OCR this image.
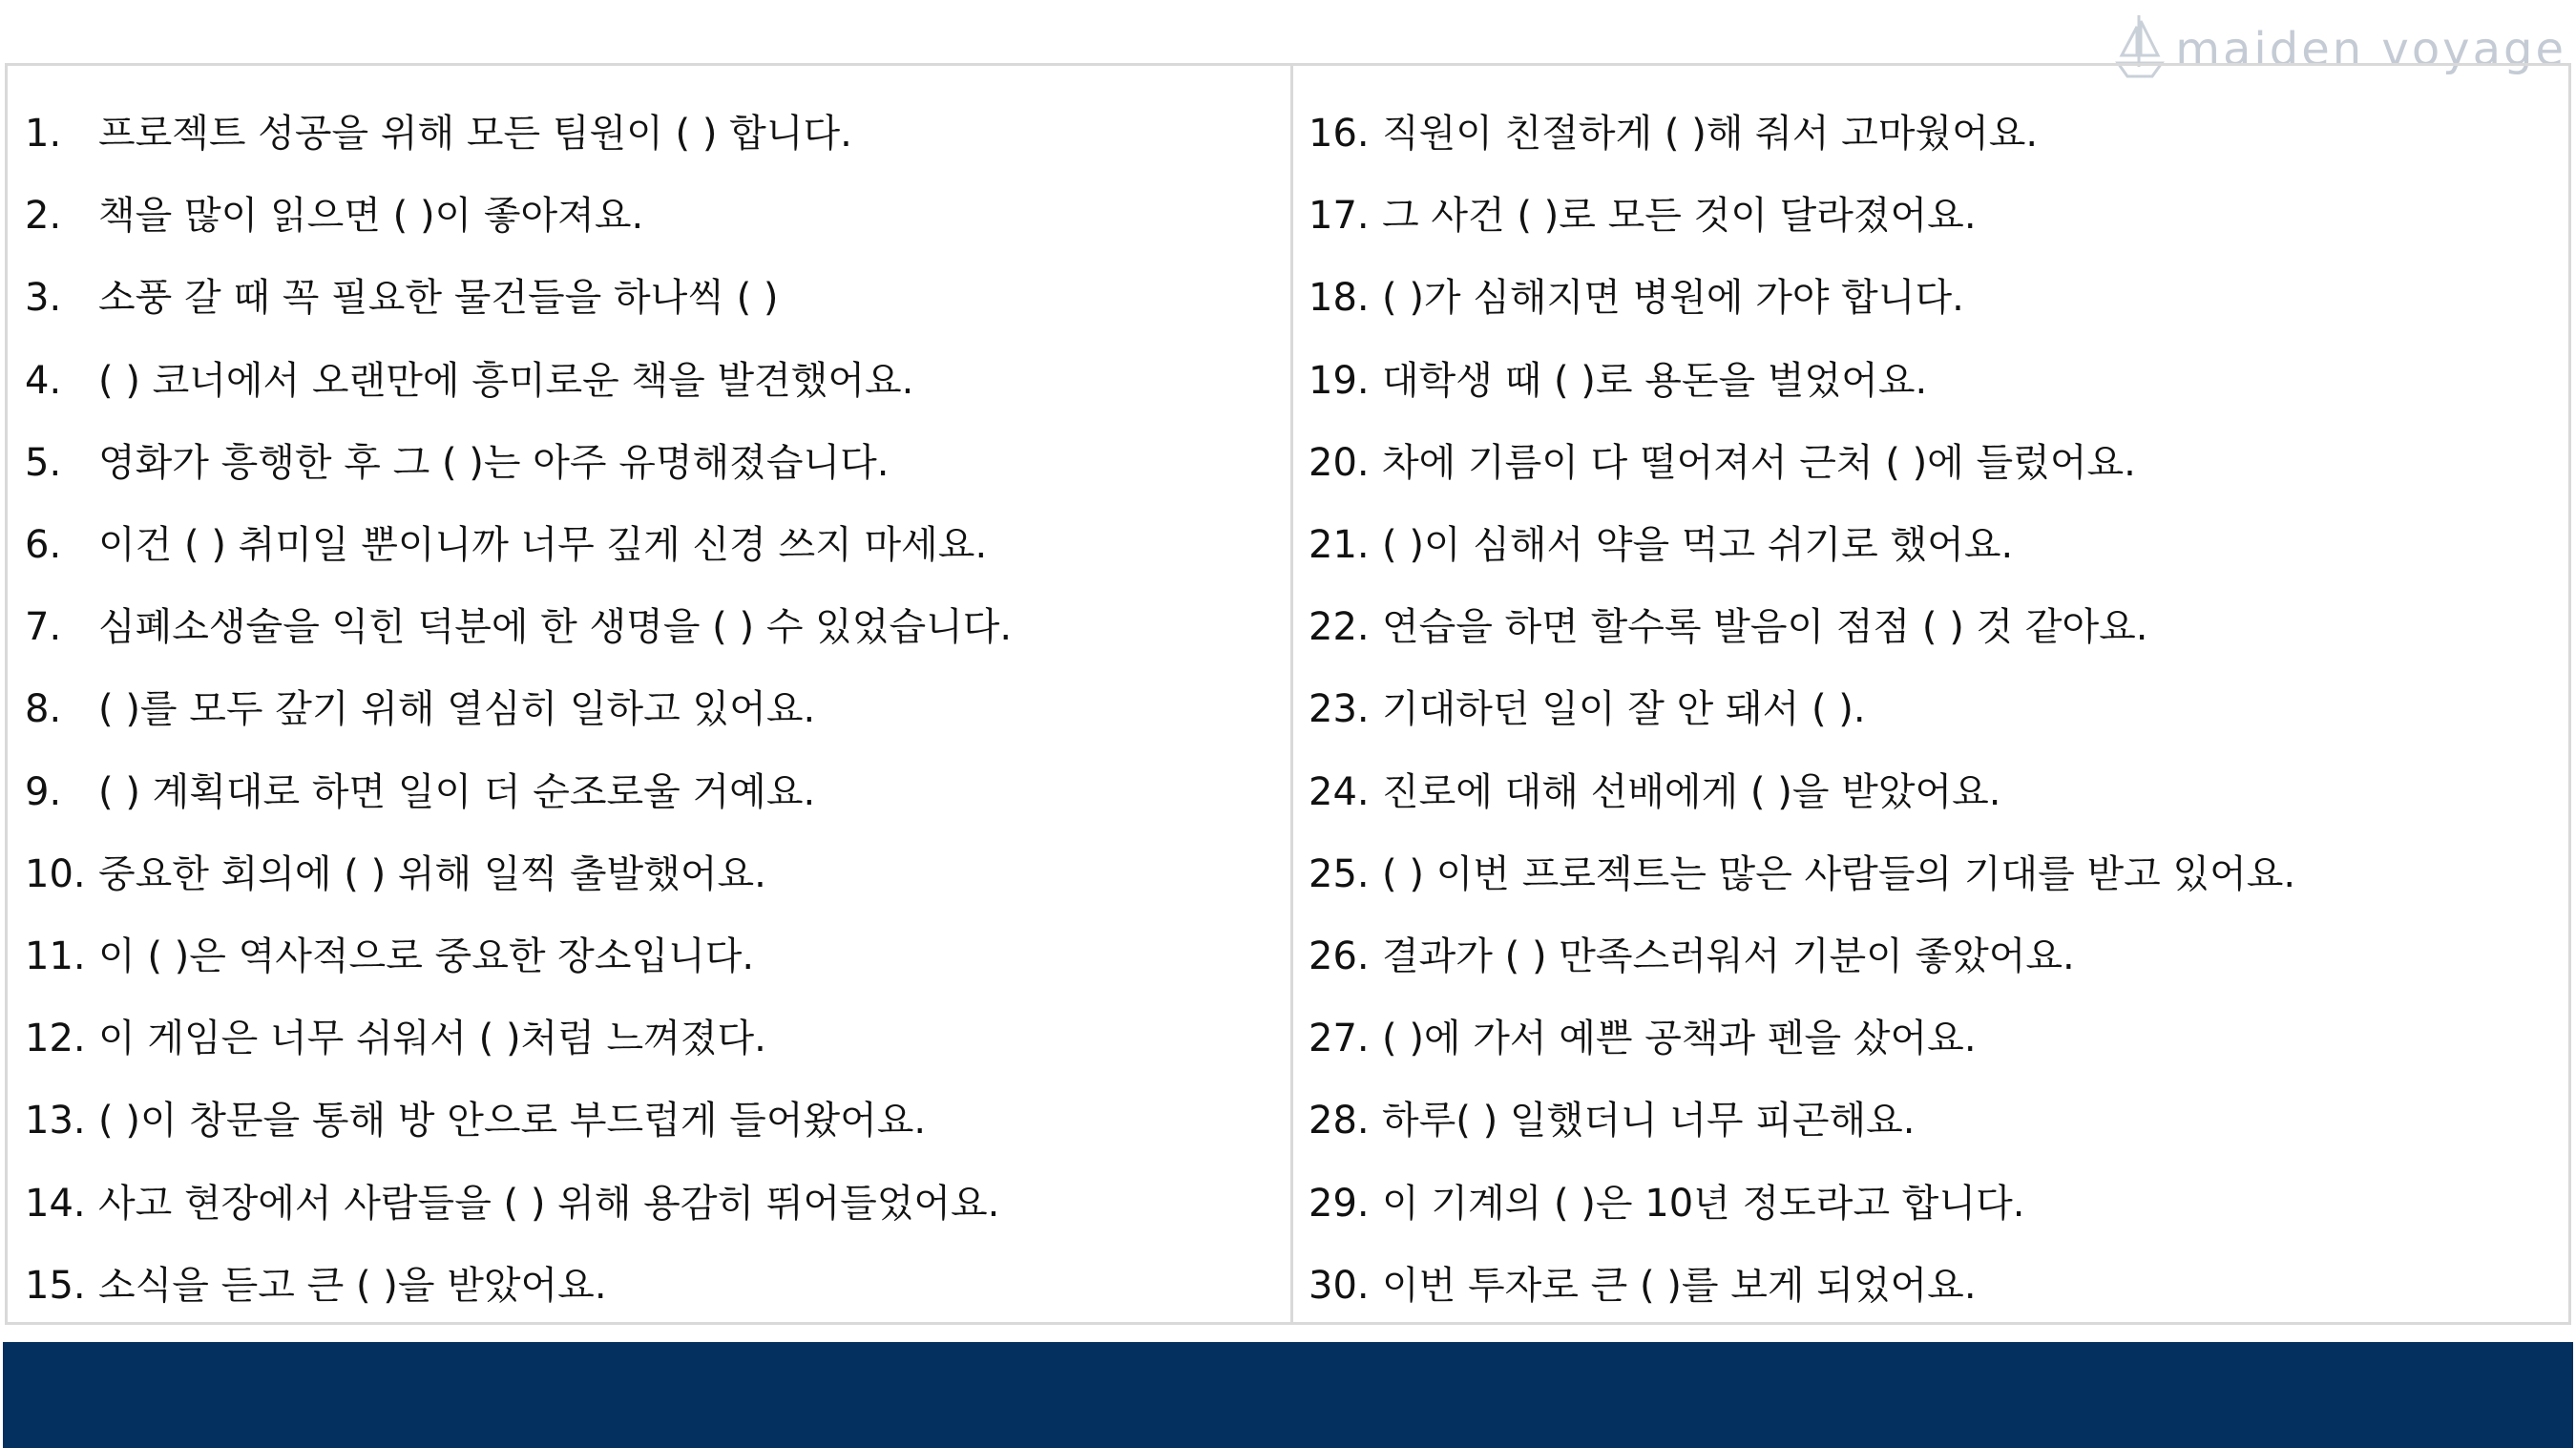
maiden voyage
1. 프로젝트 성공을 위해 모든 팀원이 ( ) 합니다.
2. 책을 많이 읽으면 ( )이 좋아져요.
3. 소풍 갈 때 꼭 필요한 물건들을 하나씩 ( )
4. ( ) 코너에서 오랜만에 흥미로운 책을 발견했어요.
5. 영화가 흥행한 후 그 ( )는 아주 유명해졌습니다.
6. 이건 ( ) 취미일 뿐이니까 너무 깊게 신경 쓰지 마세요.
7. 심폐소생술을 익힌 덕분에 한 생명을 ( ) 수 있었습니다.
8. ( )를 모두 갚기 위해 열심히 일하고 있어요.
9. ( ) 계획대로 하면 일이 더 순조로울 거예요.
10. 중요한 회의에 ( ) 위해 일찍 출발했어요.
11. 이 ( )은 역사적으로 중요한 장소입니다.
12. 이 게임은 너무 쉬워서 ( )처럼 느껴졌다.
13. ( )이 창문을 통해 방 안으로 부드럽게 들어왔어요.
14. 사고 현장에서 사람들을 ( ) 위해 용감히 뛰어들었어요.
15. 소식을 듣고 큰 ( )을 받았어요.
16. 직원이 친절하게 ( )해 줘서 고마웠어요.
17. 그 사건 ( )로 모든 것이 달라졌어요.
18. ( )가 심해지면 병원에 가야 합니다.
19. 대학생 때 ( )로 용돈을 벌었어요.
20. 차에 기름이 다 떨어져서 근처 ( )에 들렀어요.
21. ( )이 심해서 약을 먹고 쉬기로 했어요.
22. 연습을 하면 할수록 발음이 점점 ( ) 것 같아요.
23. 기대하던 일이 잘 안 돼서 ( ).
24. 진로에 대해 선배에게 ( )을 받았어요.
25. ( ) 이번 프로젝트는 많은 사람들의 기대를 받고 있어요.
26. 결과가 ( ) 만족스러워서 기분이 좋았어요.
27. ( )에 가서 예쁜 공책과 펜을 샀어요.
28. 하루( ) 일했더니 너무 피곤해요.
29. 이 기계의 ( )은 10년 정도라고 합니다.
30. 이번 투자로 큰 ( )를 보게 되었어요.
